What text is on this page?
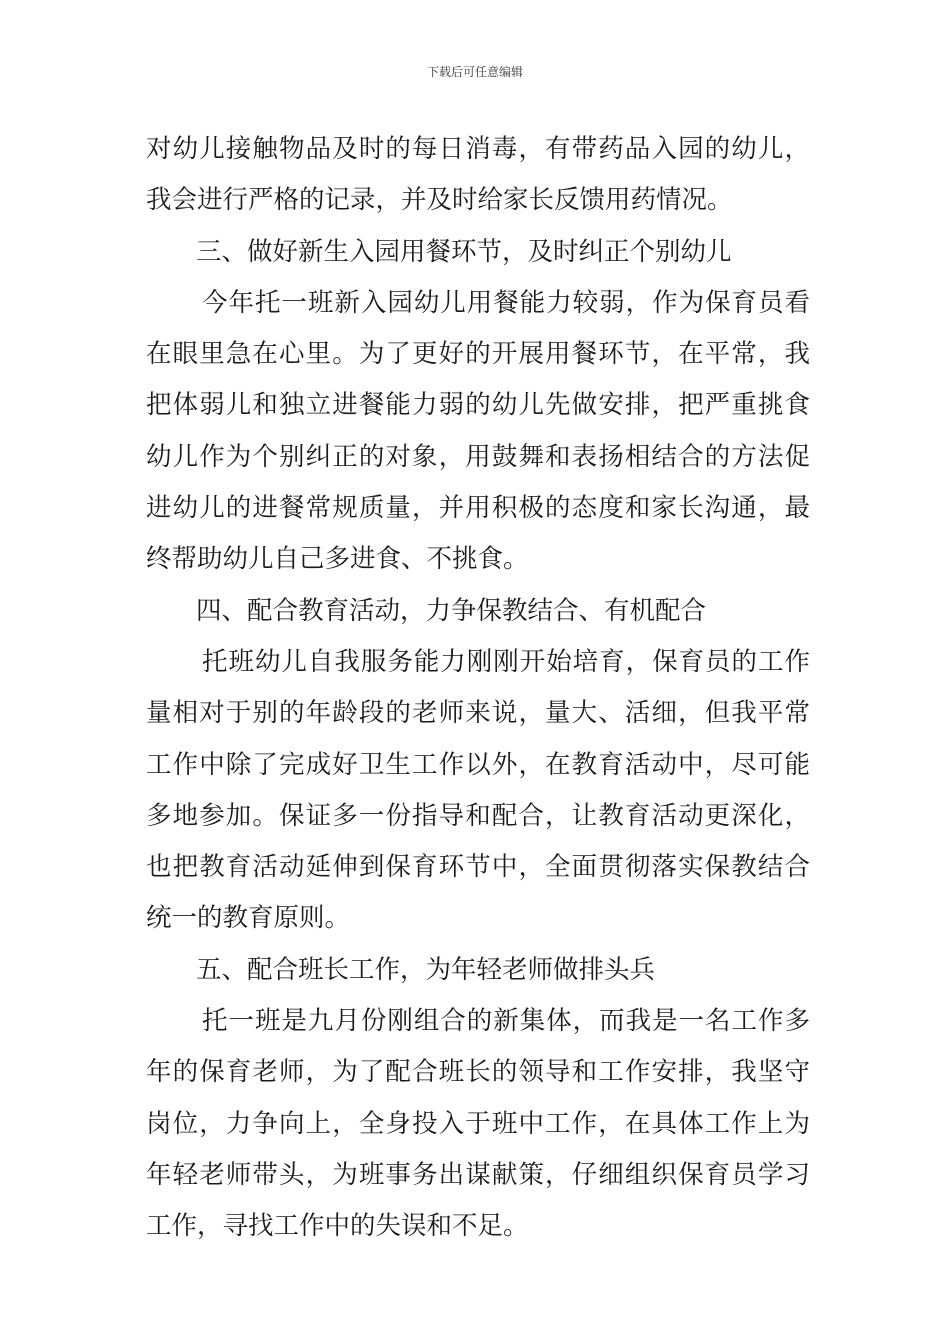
下载后可任意编辑
对幼儿接触物品及时的每日消毒，有带药品入园的幼儿，
我会进行严格的记录，并及时给家长反馈用药情况。
三、做好新生入园用餐环节，及时纠正个别幼儿
今年托一班新入园幼儿用餐能力较弱，作为保育员看
在眼里急在心里。为了更好的开展用餐环节，在平常，我
把体弱儿和独立进餐能力弱的幼儿先做安排，把严重挑食
幼儿作为个别纠正的对象，用鼓舞和表扬相结合的方法促
进幼儿的进餐常规质量，并用积极的态度和家长沟通，最
终帮助幼儿自己多进食、不挑食。
四、配合教育活动，力争保教结合、有机配合
托班幼儿自我服务能力刚刚开始培育，保育员的工作
量相对于别的年龄段的老师来说，量大、活细，但我平常
工作中除了完成好卫生工作以外，在教育活动中，尽可能
多地参加。保证多一份指导和配合，让教育活动更深化，
也把教育活动延伸到保育环节中，全面贯彻落实保教结合
统一的教育原则。
五、配合班长工作，为年轻老师做排头兵
托一班是九月份刚组合的新集体，而我是一名工作多
年的保育老师，为了配合班长的领导和工作安排，我坚守
岗位，力争向上，全身投入于班中工作，在具体工作上为
年轻老师带头，为班事务出谋献策，仔细组织保育员学习
工作，寻找工作中的失误和不足。
